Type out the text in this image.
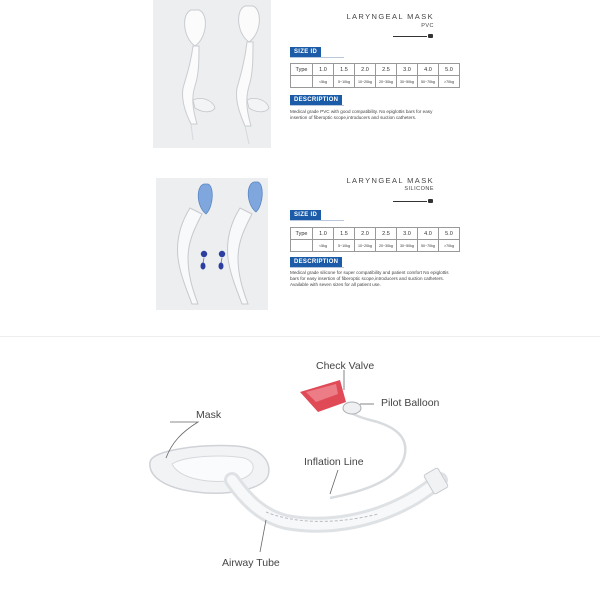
LARYNGEAL MASK
PVC
SIZE ID
Type	1.0	1.5	2.0	2.5	3.0	4.0	5.0
	<5kg	5~10kg	10~20kg	20~30kg	30~50kg	50~70kg	>70kg
DESCRIPTION
Medical grade PVC with good compatibility. No epiglottis bars for easy insertion of fiberoptic scope,introducers and suction catheters.
LARYNGEAL MASK
SILICONE
SIZE ID
Type	1.0	1.5	2.0	2.5	3.0	4.0	5.0
	<5kg	5~10kg	10~20kg	20~30kg	30~50kg	50~70kg	>70kg
DESCRIPTION
Medical grade silicone for super compatibility and patient comfort No epiglottis bars for easy insertion of fiberoptic scope,introducers and suction catheters. Available with seven sizes for all patient use.
Check Valve
Pilot Balloon
Mask
Inflation Line
Airway Tube
